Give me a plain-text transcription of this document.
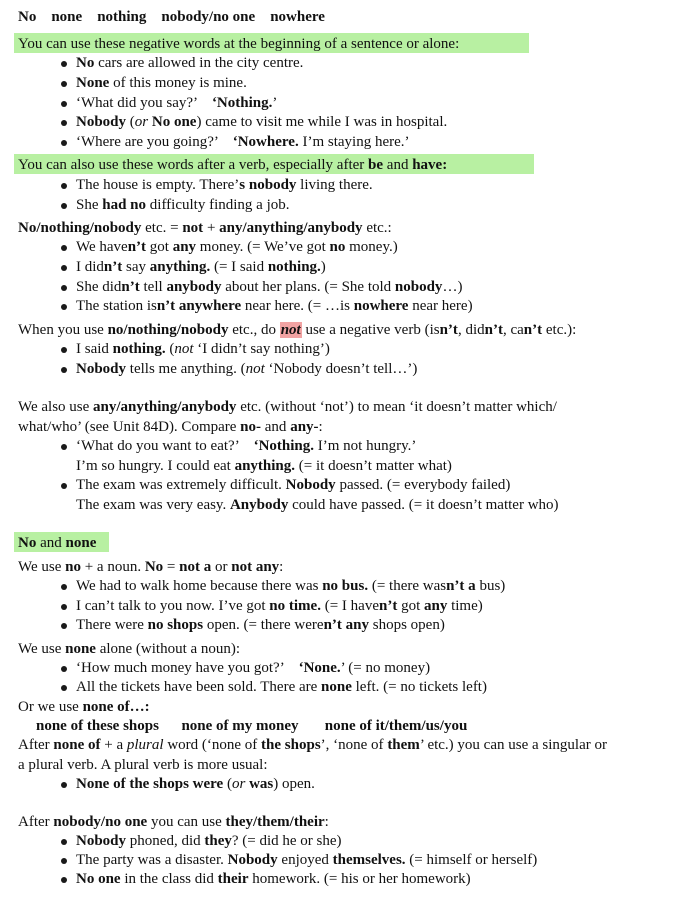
No none nothing nobody/no one nowhere
You can use these negative words at the beginning of a sentence or alone:
No cars are allowed in the city centre.
None of this money is mine.
‘What did you say?’    ‘Nothing.’
Nobody (or No one) came to visit me while I was in hospital.
‘Where are you going?’    ‘Nowhere. I’m staying here.’
You can also use these words after a verb, especially after be and have:
The house is empty. There’s nobody living there.
She had no difficulty finding a job.
No/nothing/nobody etc. = not + any/anything/anybody etc.:
We haven’t got any money. (= We’ve got no money.)
I didn’t say anything. (= I said nothing.)
She didn’t tell anybody about her plans. (= She told nobody…)
The station isn’t anywhere near here. (= …is nowhere near here)
When you use no/nothing/nobody etc., do not use a negative verb (isn’t, didn’t, can’t etc.):
I said nothing. (not ‘I didn’t say nothing’)
Nobody tells me anything. (not ‘Nobody doesn’t tell…’)
We also use any/anything/anybody etc. (without ‘not’) to mean ‘it doesn’t matter which/
what/who’ (see Unit 84D). Compare no- and any-:
‘What do you want to eat?’    ‘Nothing. I’m not hungry.’
I’m so hungry. I could eat anything. (= it doesn’t matter what)
The exam was extremely difficult. Nobody passed. (= everybody failed)
The exam was very easy. Anybody could have passed. (= it doesn’t matter who)
No and none
We use no + a noun. No = not a or not any:
We had to walk home because there was no bus. (= there wasn’t a bus)
I can’t talk to you now. I’ve got no time. (= I haven’t got any time)
There were no shops open. (= there weren’t any shops open)
We use none alone (without a noun):
‘How much money have you got?’    ‘None.’ (= no money)
All the tickets have been sold. There are none left. (= no tickets left)
Or we use none of…:
none of these shops none of my money none of it/them/us/you
After none of + a plural word (‘none of the shops’, ‘none of them’ etc.) you can use a singular or
a plural verb. A plural verb is more usual:
None of the shops were (or was) open.
After nobody/no one you can use they/them/their:
Nobody phoned, did they? (= did he or she)
The party was a disaster. Nobody enjoyed themselves. (= himself or herself)
No one in the class did their homework. (= his or her homework)
